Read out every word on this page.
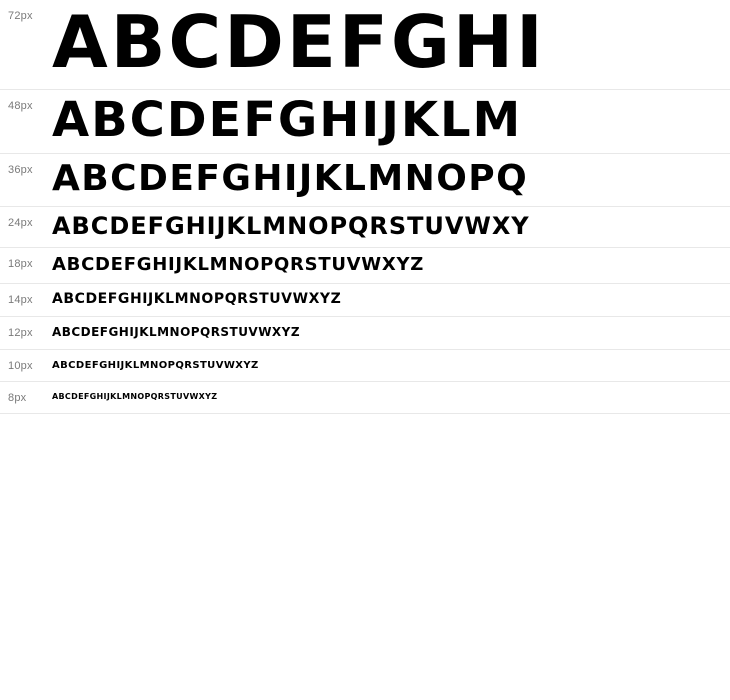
72px ABCDEFGHI
48px ABCDEFGHIJKLM
36px ABCDEFGHIJKLMNOPQ
24px ABCDEFGHIJKLMNOPQRSTUVWXY
18px	ABCDEFGHIJKLMNOPQRSTUVWXYZ
14px	ABCDEFGHIJKLMNOPQRSTUVWXYZ
12px	ABCDEFGHIJKLMNOPQRSTUVWXYZ
10px	ABCDEFGHIJKLMNOPQRSTUVWXYZ
8px	ABCDEFGHIJKLMNOPQRSTUVWXYZ
